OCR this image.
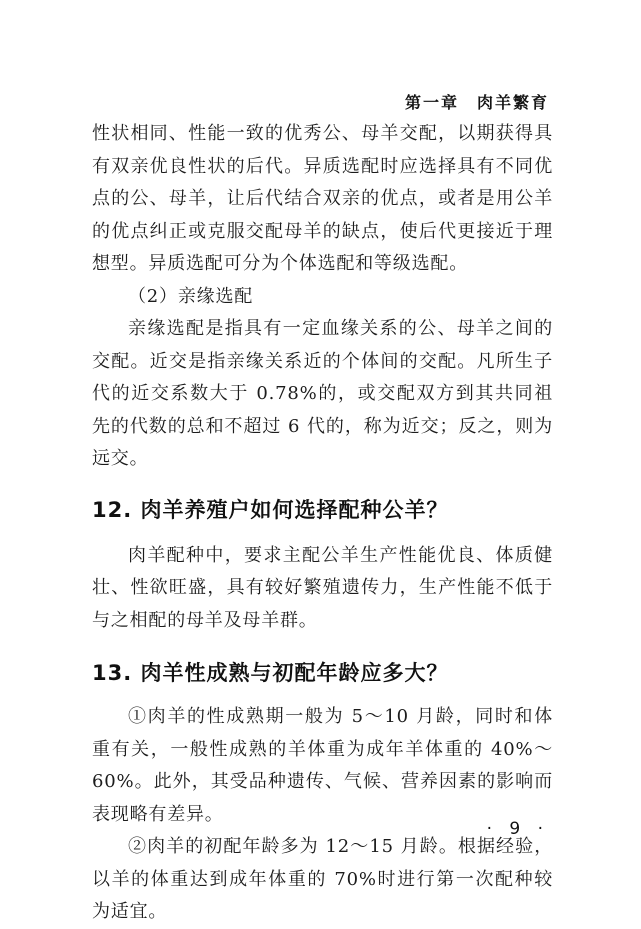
第一章 肉羊繁育

性状相同、性能一致的优秀公、母羊交配，以期获得具有双亲优良性状的后代。异质选配时应选择具有不同优点的公、母羊，让后代结合双亲的优点，或者是用公羊的优点纠正或克服交配母羊的缺点，使后代更接近于理想型。异质选配可分为个体选配和等级选配。

（2）亲缘选配

亲缘选配是指具有一定血缘关系的公、母羊之间的交配。近交是指亲缘关系近的个体间的交配。凡所生子代的近交系数大于 0.78%的，或交配双方到其共同祖先的代数的总和不超过 6 代的，称为近交；反之，则为远交。

12. 肉羊养殖户如何选择配种公羊？

肉羊配种中，要求主配公羊生产性能优良、体质健壮、性欲旺盛，具有较好繁殖遗传力，生产性能不低于与之相配的母羊及母羊群。

13. 肉羊性成熟与初配年龄应多大？

①肉羊的性成熟期一般为 5～10 月龄，同时和体重有关，一般性成熟的羊体重为成年羊体重的 40%～60%。此外，其受品种遗传、气候、营养因素的影响而表现略有差异。

②肉羊的初配年龄多为 12～15 月龄。根据经验，以羊的体重达到成年体重的 70%时进行第一次配种较为适宜。

· 9 ·
